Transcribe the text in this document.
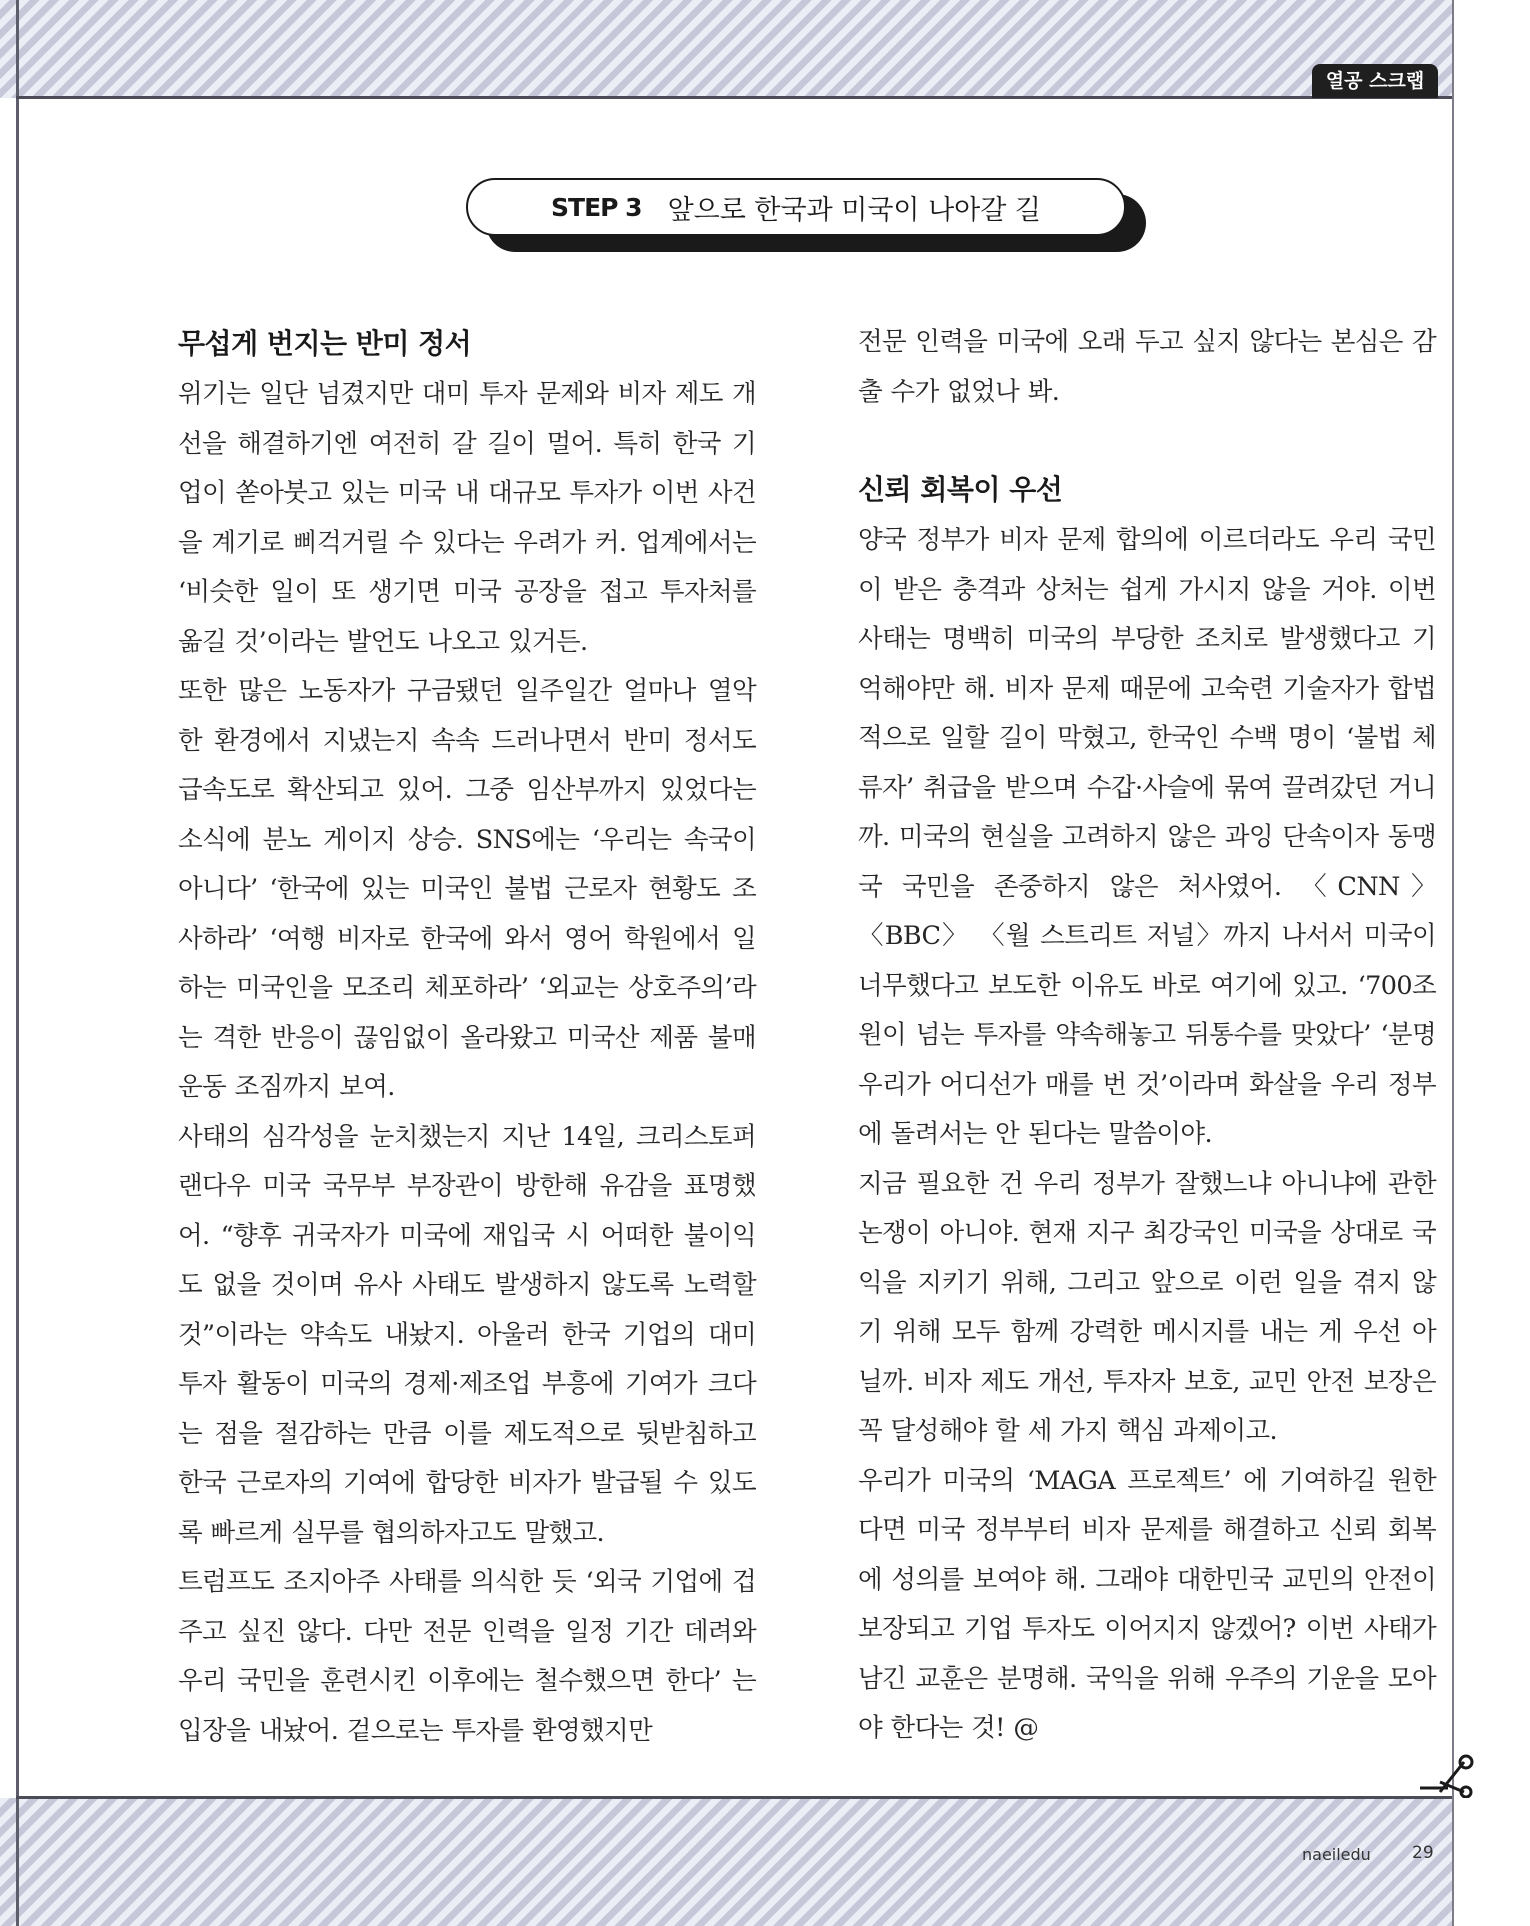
열공 스크랩
STEP 3 앞으로 한국과 미국이 나아갈 길
무섭게 번지는 반미 정서

위기는 일단 넘겼지만 대미 투자 문제와 비자 제도 개선을 해결하기엔 여전히 갈 길이 멀어. 특히 한국 기업이 쏟아붓고 있는 미국 내 대규모 투자가 이번 사건을 계기로 삐걱거릴 수 있다는 우려가 커. 업계에서는 ‘비슷한 일이 또 생기면 미국 공장을 접고 투자처를 옮길 것’이라는 발언도 나오고 있거든.

또한 많은 노동자가 구금됐던 일주일간 얼마나 열악한 환경에서 지냈는지 속속 드러나면서 반미 정서도 급속도로 확산되고 있어. 그중 임산부까지 있었다는 소식에 분노 게이지 상승. SNS에는 ‘우리는 속국이 아니다’ ‘한국에 있는 미국인 불법 근로자 현황도 조사하라’ ‘여행 비자로 한국에 와서 영어 학원에서 일하는 미국인을 모조리 체포하라’ ‘외교는 상호주의’라는 격한 반응이 끊임없이 올라왔고 미국산 제품 불매 운동 조짐까지 보여.

사태의 심각성을 눈치챘는지 지난 14일, 크리스토퍼 랜다우 미국 국무부 부장관이 방한해 유감을 표명했어. “향후 귀국자가 미국에 재입국 시 어떠한 불이익도 없을 것이며 유사 사태도 발생하지 않도록 노력할 것”이라는 약속도 내놨지. 아울러 한국 기업의 대미 투자 활동이 미국의 경제·제조업 부흥에 기여가 크다는 점을 절감하는 만큼 이를 제도적으로 뒷받침하고 한국 근로자의 기여에 합당한 비자가 발급될 수 있도록 빠르게 실무를 협의하자고도 말했고.

트럼프도 조지아주 사태를 의식한 듯 ‘외국 기업에 겁주고 싶진 않다. 다만 전문 인력을 일정 기간 데려와 우리 국민을 훈련시킨 이후에는 철수했으면 한다’ 는 입장을 내놨어. 겉으로는 투자를 환영했지만

전문 인력을 미국에 오래 두고 싶지 않다는 본심은 감출 수가 없었나 봐.

신뢰 회복이 우선

양국 정부가 비자 문제 합의에 이르더라도 우리 국민이 받은 충격과 상처는 쉽게 가시지 않을 거야. 이번 사태는 명백히 미국의 부당한 조치로 발생했다고 기억해야만 해. 비자 문제 때문에 고숙련 기술자가 합법적으로 일할 길이 막혔고, 한국인 수백 명이 ‘불법 체류자’ 취급을 받으며 수갑·사슬에 묶여 끌려갔던 거니까. 미국의 현실을 고려하지 않은 과잉 단속이자 동맹국 국민을 존중하지 않은 처사였어. 〈CNN〉 〈BBC〉 〈월 스트리트 저널〉까지 나서서 미국이 너무했다고 보도한 이유도 바로 여기에 있고. ‘700조 원이 넘는 투자를 약속해놓고 뒤통수를 맞았다’ ‘분명 우리가 어디선가 매를 번 것’이라며 화살을 우리 정부에 돌려서는 안 된다는 말씀이야.

지금 필요한 건 우리 정부가 잘했느냐 아니냐에 관한 논쟁이 아니야. 현재 지구 최강국인 미국을 상대로 국익을 지키기 위해, 그리고 앞으로 이런 일을 겪지 않기 위해 모두 함께 강력한 메시지를 내는 게 우선 아닐까. 비자 제도 개선, 투자자 보호, 교민 안전 보장은 꼭 달성해야 할 세 가지 핵심 과제이고.

우리가 미국의 ‘MAGA 프로젝트’ 에 기여하길 원한다면 미국 정부부터 비자 문제를 해결하고 신뢰 회복에 성의를 보여야 해. 그래야 대한민국 교민의 안전이 보장되고 기업 투자도 이어지지 않겠어? 이번 사태가 남긴 교훈은 분명해. 국익을 위해 우주의 기운을 모아야 한다는 것! @

naeiledu 29
